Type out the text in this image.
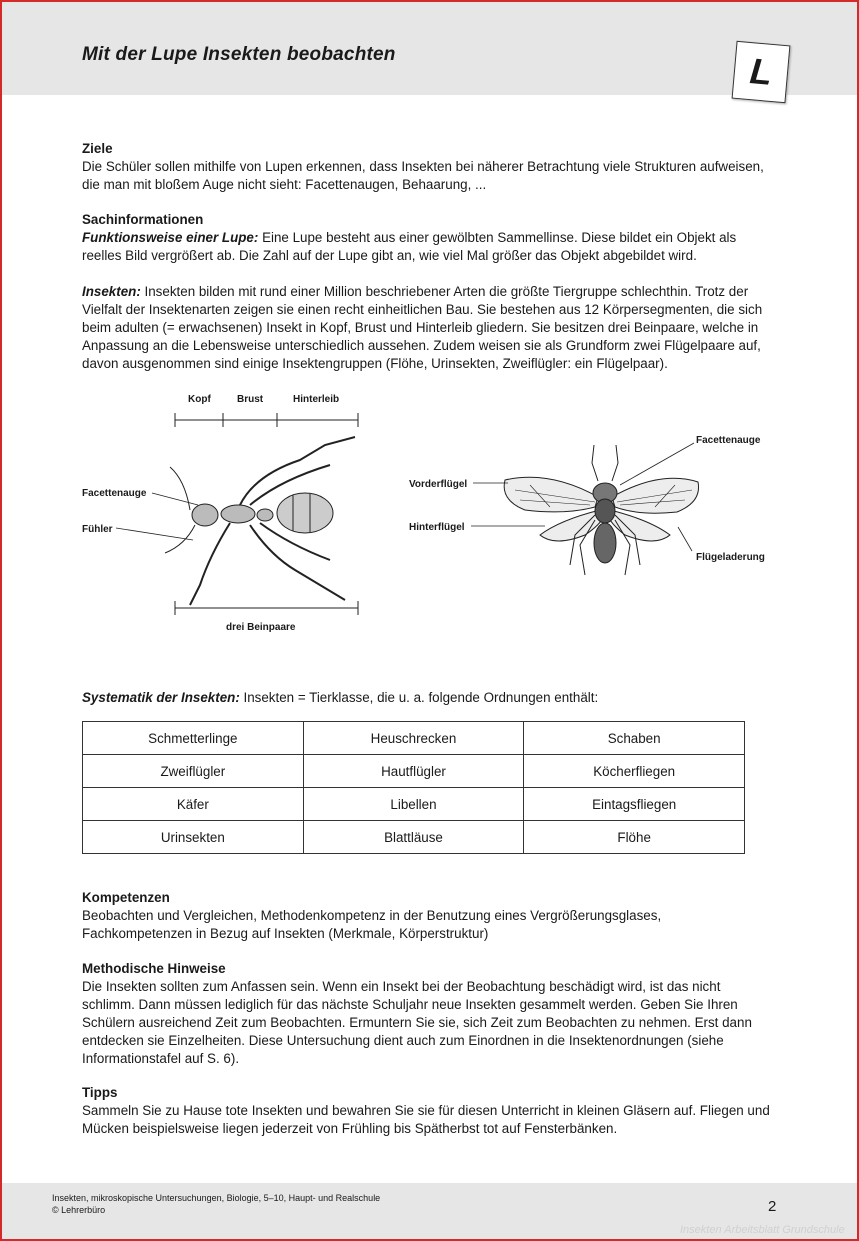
Mit der Lupe Insekten beobachten	L
Ziele

Die Schüler sollen mithilfe von Lupen erkennen, dass Insekten bei näherer Betrachtung viele Strukturen aufweisen, die man mit bloßem Auge nicht sieht: Facettenaugen, Behaarung, ...

Sachinformationen

Funktionsweise einer Lupe: Eine Lupe besteht aus einer gewölbten Sammellinse. Diese bildet ein Objekt als reelles Bild vergrößert ab. Die Zahl auf der Lupe gibt an, wie viel Mal größer das Objekt abgebildet wird.

Insekten: Insekten bilden mit rund einer Million beschriebener Arten die größte Tiergruppe schlechthin. Trotz der Vielfalt der Insektenarten zeigen sie einen recht einheitlichen Bau. Sie bestehen aus 12 Körpersegmenten, die sich beim adulten (= erwachsenen) Insekt in Kopf, Brust und Hinterleib gliedern. Sie besitzen drei Beinpaare, welche in Anpassung an die Lebensweise unterschiedlich aussehen. Zudem weisen sie als Grundform zwei Flügelpaare auf, davon ausgenommen sind einige Insektengruppen (Flöhe, Urinsekten, Zweiflügler: ein Flügelpaar).

Kopf	Brust	Hinterleib
drei Beinpaare
Facettenauge
Fühler
Facettenauge
Vorderflügel
Hinterflügel
Flügeladerung
Systematik der Insekten: Insekten = Tierklasse, die u. a. folgende Ordnungen enthält:
Schmetterlinge	Heuschrecken	Schaben
Zweiflügler	Hautflügler	Köcherfliegen
Käfer	Libellen	Eintagsfliegen
Urinsekten	Blattläuse	Flöhe
Kompetenzen

Beobachten und Vergleichen, Methodenkompetenz in der Benutzung eines Vergrößerungsglases, Fachkompetenzen in Bezug auf Insekten (Merkmale, Körperstruktur)

Methodische Hinweise

Die Insekten sollten zum Anfassen sein. Wenn ein Insekt bei der Beobachtung beschädigt wird, ist das nicht schlimm. Dann müssen lediglich für das nächste Schuljahr neue Insekten gesammelt werden. Geben Sie Ihren Schülern ausreichend Zeit zum Beobachten. Ermuntern Sie sie, sich Zeit zum Beobachten zu nehmen. Erst dann entdecken sie Einzelheiten. Diese Untersuchung dient auch zum Einordnen in die Insektenordnungen (siehe Informationstafel auf S. 6).

Tipps

Sammeln Sie zu Hause tote Insekten und bewahren Sie sie für diesen Unterricht in kleinen Gläsern auf. Fliegen und Mücken beispielsweise liegen jederzeit von Frühling bis Spätherbst tot auf Fensterbänken.

Insekten, mikroskopische Untersuchungen, Biologie, 5–10, Haupt- und Realschule
© Lehrerbüro	2
Insekten Arbeitsblatt Grundschule
